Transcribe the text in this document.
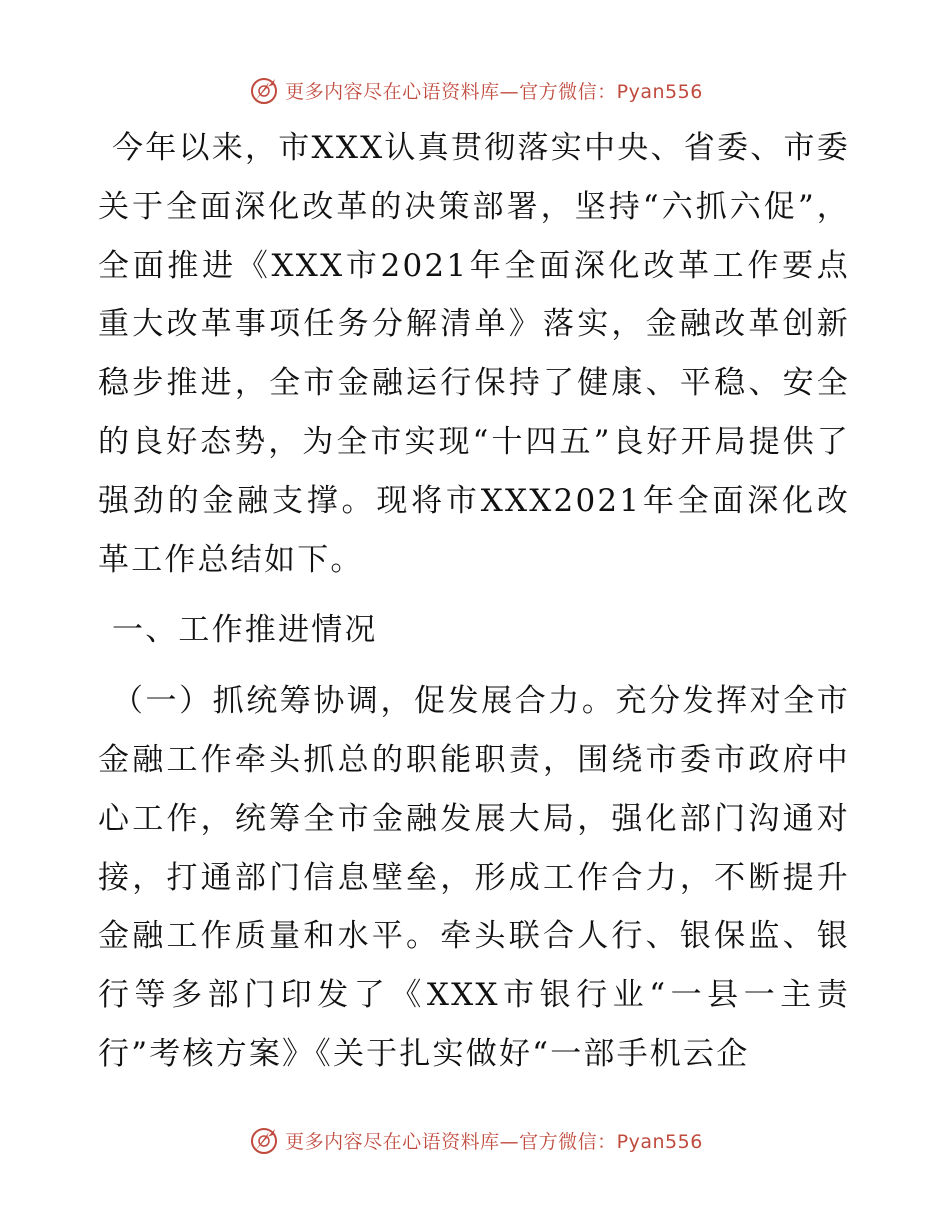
更多内容尽在心语资料库—官方微信：Pyan556

今年以来，市XXX认真贯彻落实中央、省委、市委关于全面深化改革的决策部署，坚持“六抓六促”，全面推进《XXX市2021年全面深化改革工作要点重大改革事项任务分解清单》落实，金融改革创新稳步推进，全市金融运行保持了健康、平稳、安全的良好态势，为全市实现“十四五”良好开局提供了强劲的金融支撑。现将市XXX2021年全面深化改革工作总结如下。

一、工作推进情况

（一）抓统筹协调，促发展合力。充分发挥对全市金融工作牵头抓总的职能职责，围绕市委市政府中心工作，统筹全市金融发展大局，强化部门沟通对接，打通部门信息壁垒，形成工作合力，不断提升金融工作质量和水平。牵头联合人行、银保监、银行等多部门印发了《XXX市银行业“一县一主责行”考核方案》《关于扎实做好“一部手机云企

更多内容尽在心语资料库—官方微信：Pyan556
